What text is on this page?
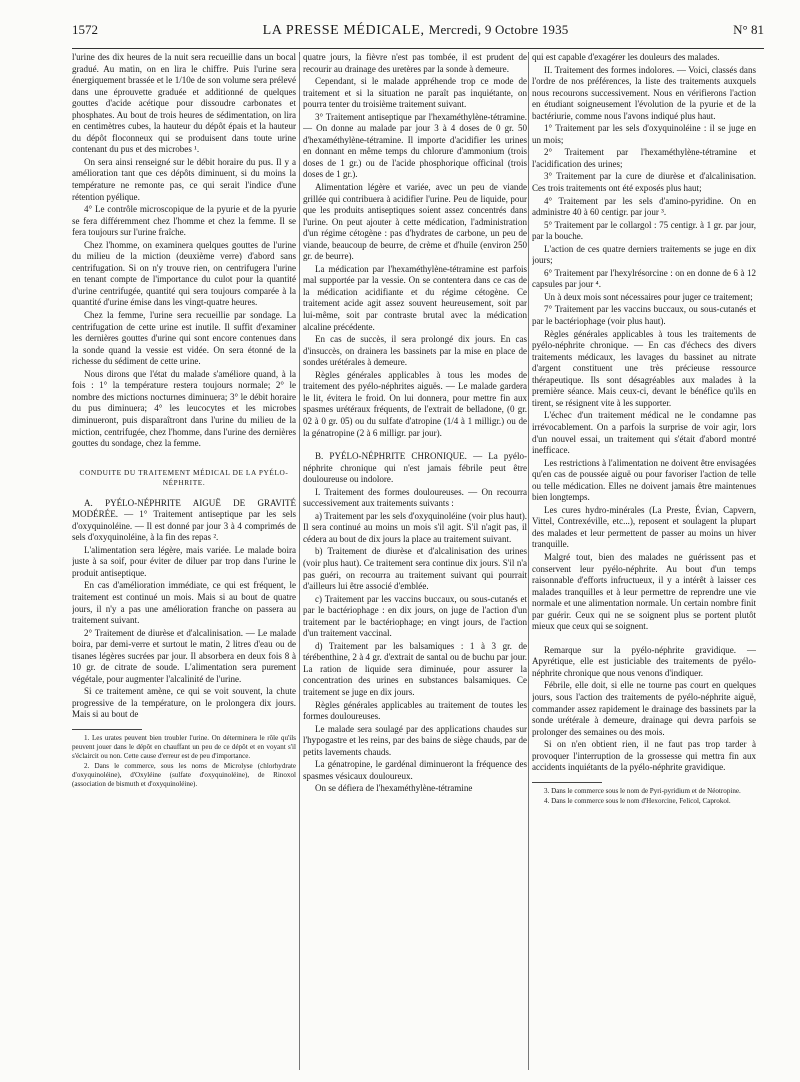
1572	LA PRESSE MÉDICALE, Mercredi, 9 Octobre 1935	N° 81

l'urine des dix heures de la nuit sera recueillie dans un bocal gradué. Au matin, on en lira le chiffre. Puis l'urine sera énergiquement brassée et le 1/10e de son volume sera prélevé dans une éprouvette graduée et additionné de quelques gouttes d'acide acétique pour dissoudre carbonates et phosphates. Au bout de trois heures de sédimentation, on lira en centimètres cubes, la hauteur du dépôt épais et la hauteur du dépôt floconneux qui se produisent dans toute urine contenant du pus et des microbes ¹.

On sera ainsi renseigné sur le débit horaire du pus. Il y a amélioration tant que ces dépôts diminuent, si du moins la température ne remonte pas, ce qui serait l'indice d'une rétention pyélique.

4° Le contrôle microscopique de la pyurie et de la pyurie se fera différemment chez l'homme et chez la femme. Il se fera toujours sur l'urine fraîche.

Chez l'homme, on examinera quelques gouttes de l'urine du milieu de la miction (deuxième verre) d'abord sans centrifugation. Si on n'y trouve rien, on centrifugera l'urine en tenant compte de l'importance du culot pour la quantité d'urine centrifugée, quantité qui sera toujours comparée à la quantité d'urine émise dans les vingt-quatre heures.

Chez la femme, l'urine sera recueillie par sondage. La centrifugation de cette urine est inutile. Il suffit d'examiner les dernières gouttes d'urine qui sont encore contenues dans la sonde quand la vessie est vidée. On sera étonné de la richesse du sédiment de cette urine.

Nous dirons que l'état du malade s'améliore quand, à la fois : 1° la température restera toujours normale; 2° le nombre des mictions nocturnes diminuera; 3° le débit horaire du pus diminuera; 4° les leucocytes et les microbes diminueront, puis disparaîtront dans l'urine du milieu de la miction, centrifugée, chez l'homme, dans l'urine des dernières gouttes du sondage, chez la femme.

CONDUITE DU TRAITEMENT MÉDICAL DE LA PYÉLO-NÉPHRITE.

A. PYÉLO-NÉPHRITE AIGUË DE GRAVITÉ MODÉRÉE. — 1° Traitement antiseptique par les sels d'oxyquinoléine. — Il est donné par jour 3 à 4 comprimés de sels d'oxyquinoléine, à la fin des repas ².

L'alimentation sera légère, mais variée. Le malade boira juste à sa soif, pour éviter de diluer par trop dans l'urine le produit antiseptique.

En cas d'amélioration immédiate, ce qui est fréquent, le traitement est continué un mois. Mais si au bout de quatre jours, il n'y a pas une amélioration franche on passera au traitement suivant.

2° Traitement de diurèse et d'alcalinisation. — Le malade boira, par demi-verre et surtout le matin, 2 litres d'eau ou de tisanes légères sucrées par jour. Il absorbera en deux fois 8 à 10 gr. de citrate de soude. L'alimentation sera purement végétale, pour augmenter l'alcalinité de l'urine.

Si ce traitement amène, ce qui se voit souvent, la chute progressive de la température, on le prolongera dix jours. Mais si au bout de

1. Les urates peuvent bien troubler l'urine. On déterminera le rôle qu'ils peuvent jouer dans le dépôt en chauffant un peu de ce dépôt et en voyant s'il s'éclaircit ou non. Cette cause d'erreur est de peu d'importance.

2. Dans le commerce, sous les noms de Microlyse (chlorhydrate d'oxyquinoléine), d'Oxyléine (sulfate d'oxyquinoléine), de Rinoxol (association de bismuth et d'oxyquinoléine).

quatre jours, la fièvre n'est pas tombée, il est prudent de recourir au drainage des uretères par la sonde à demeure.

Cependant, si le malade appréhende trop ce mode de traitement et si la situation ne paraît pas inquiétante, on pourra tenter du troisième traitement suivant.

3° Traitement antiseptique par l'hexaméthylène-tétramine. — On donne au malade par jour 3 à 4 doses de 0 gr. 50 d'hexaméthylène-tétramine. Il importe d'acidifier les urines en donnant en même temps du chlorure d'ammonium (trois doses de 1 gr.) ou de l'acide phosphorique officinal (trois doses de 1 gr.).

Alimentation légère et variée, avec un peu de viande grillée qui contribuera à acidifier l'urine. Peu de liquide, pour que les produits antiseptiques soient assez concentrés dans l'urine. On peut ajouter à cette médication, l'administration d'un régime cétogène : pas d'hydrates de carbone, un peu de viande, beaucoup de beurre, de crème et d'huile (environ 250 gr. de beurre).

La médication par l'hexaméthylène-tétramine est parfois mal supportée par la vessie. On se contentera dans ce cas de la médication acidifiante et du régime cétogène. Ce traitement acide agit assez souvent heureusement, soit par lui-même, soit par contraste brutal avec la médication alcaline précédente.

En cas de succès, il sera prolongé dix jours. En cas d'insuccès, on drainera les bassinets par la mise en place de sondes urétérales à demeure.

Règles générales applicables à tous les modes de traitement des pyélo-néphrites aiguës. — Le malade gardera le lit, évitera le froid. On lui donnera, pour mettre fin aux spasmes urétéraux fréquents, de l'extrait de belladone, (0 gr. 02 à 0 gr. 05) ou du sulfate d'atropine (1/4 à 1 milligr.) ou de la génatropine (2 à 6 milligr. par jour).

B. PYÉLO-NÉPHRITE CHRONIQUE. — La pyélo-néphrite chronique qui n'est jamais fébrile peut être douloureuse ou indolore.

I. Traitement des formes douloureuses. — On recourra successivement aux traitements suivants :

a) Traitement par les sels d'oxyquinoléine (voir plus haut). Il sera continué au moins un mois s'il agit. S'il n'agit pas, il cédera au bout de dix jours la place au traitement suivant.

b) Traitement de diurèse et d'alcalinisation des urines (voir plus haut). Ce traitement sera continue dix jours. S'il n'a pas guéri, on recourra au traitement suivant qui pourrait d'ailleurs lui être associé d'emblée.

c) Traitement par les vaccins buccaux, ou sous-cutanés et par le bactériophage : en dix jours, on juge de l'action d'un traitement par le bactériophage; en vingt jours, de l'action d'un traitement vaccinal.

d) Traitement par les balsamiques : 1 à 3 gr. de térébenthine, 2 à 4 gr. d'extrait de santal ou de buchu par jour. La ration de liquide sera diminuée, pour assurer la concentration des urines en substances balsamiques. Ce traitement se juge en dix jours.

Règles générales applicables au traitement de toutes les formes douloureuses.

Le malade sera soulagé par des applications chaudes sur l'hypogastre et les reins, par des bains de siège chauds, par de petits lavements chauds.

La génatropine, le gardénal diminueront la fréquence des spasmes vésicaux douloureux.

On se défiera de l'hexaméthylène-tétramine

qui est capable d'exagérer les douleurs des malades.

II. Traitement des formes indolores. — Voici, classés dans l'ordre de nos préférences, la liste des traitements auxquels nous recourons successivement. Nous en vérifierons l'action en étudiant soigneusement l'évolution de la pyurie et de la bactériurie, comme nous l'avons indiqué plus haut.

1° Traitement par les sels d'oxyquinoléine : il se juge en un mois;

2° Traitement par l'hexaméthylène-tétramine et l'acidification des urines;

3° Traitement par la cure de diurèse et d'alcalinisation. Ces trois traitements ont été exposés plus haut;

4° Traitement par les sels d'amino-pyridine. On en administre 40 à 60 centigr. par jour ³.

5° Traitement par le collargol : 75 centigr. à 1 gr. par jour, par la bouche.

L'action de ces quatre derniers traitements se juge en dix jours;

6° Traitement par l'hexylrésorcine : on en donne de 6 à 12 capsules par jour ⁴.

Un à deux mois sont nécessaires pour juger ce traitement;

7° Traitement par les vaccins buccaux, ou sous-cutanés et par le bactériophage (voir plus haut).

Règles générales applicables à tous les traitements de pyélo-néphrite chronique. — En cas d'échecs des divers traitements médicaux, les lavages du bassinet au nitrate d'argent constituent une très précieuse ressource thérapeutique. Ils sont désagréables aux malades à la première séance. Mais ceux-ci, devant le bénéfice qu'ils en tirent, se résignent vite à les supporter.

L'échec d'un traitement médical ne le condamne pas irrévocablement. On a parfois la surprise de voir agir, lors d'un nouvel essai, un traitement qui s'était d'abord montré inefficace.

Les restrictions à l'alimentation ne doivent être envisagées qu'en cas de poussée aiguë ou pour favoriser l'action de telle ou telle médication. Elles ne doivent jamais être maintenues bien longtemps.

Les cures hydro-minérales (La Preste, Évian, Capvern, Vittel, Contrexéville, etc...), reposent et soulagent la plupart des malades et leur permettent de passer au moins un hiver tranquille.

Malgré tout, bien des malades ne guérissent pas et conservent leur pyélo-néphrite. Au bout d'un temps raisonnable d'efforts infructueux, il y a intérêt à laisser ces malades tranquilles et à leur permettre de reprendre une vie normale et une alimentation normale. Un certain nombre finit par guérir. Ceux qui ne se soignent plus se portent plutôt mieux que ceux qui se soignent.

Remarque sur la pyélo-néphrite gravidique. — Apyrétique, elle est justiciable des traitements de pyélo-néphrite chronique que nous venons d'indiquer.

Fébrile, elle doit, si elle ne tourne pas court en quelques jours, sous l'action des traitements de pyélo-néphrite aiguë, commander assez rapidement le drainage des bassinets par la sonde urétérale à demeure, drainage qui devra parfois se prolonger des semaines ou des mois.

Si on n'en obtient rien, il ne faut pas trop tarder à provoquer l'interruption de la grossesse qui mettra fin aux accidents inquiétants de la pyélo-néphrite gravidique.

3. Dans le commerce sous le nom de Pyri-pyridium et de Néotropine.

4. Dans le commerce sous le nom d'Hexorcine, Felicol, Caprokol.
